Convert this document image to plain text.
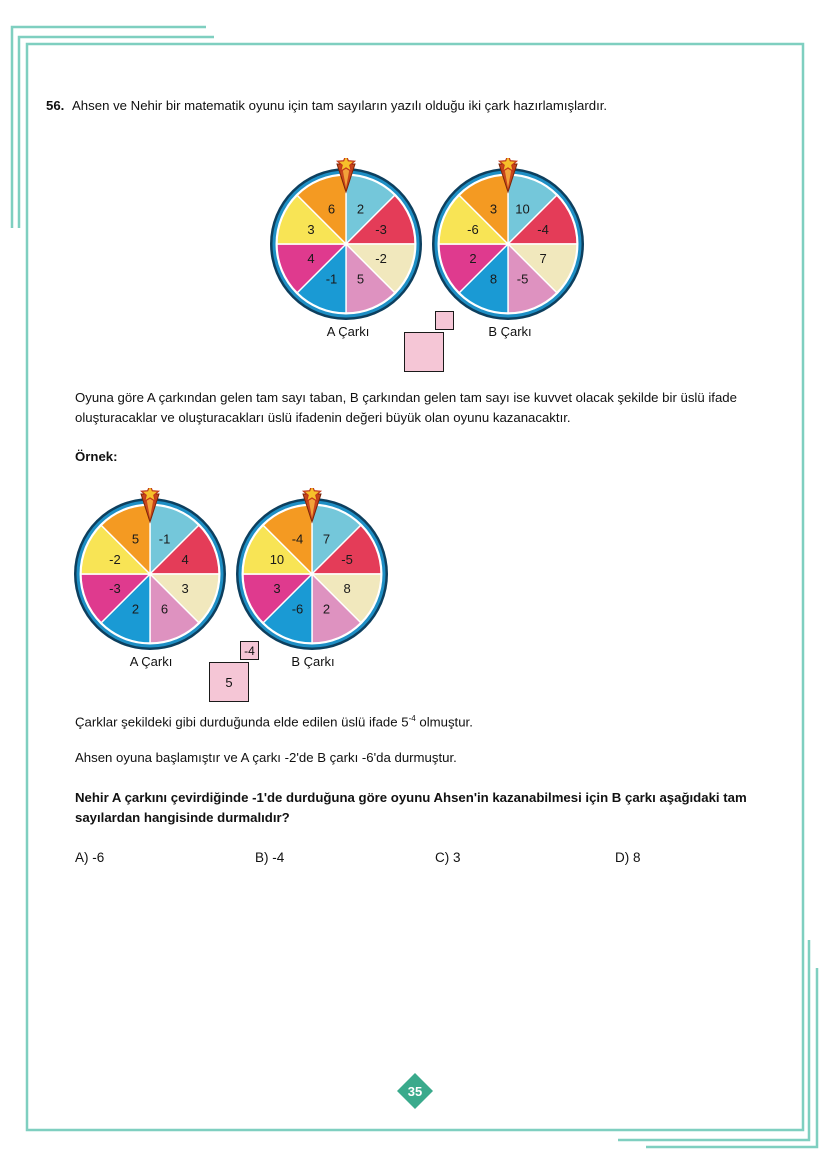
56. Ahsen ve Nehir bir matematik oyunu için tam sayıların yazılı olduğu iki çark hazırlamışlardır.
2
-3
-2
5
-1
4
3
6	10
-4
7
-5
8
2
-6
3
A Çarkı	B Çarkı
Oyuna göre A çarkından gelen tam sayı taban, B çarkından gelen tam sayı ise kuvvet olacak şekilde bir üslü ifade
oluşturacaklar ve oluşturacakları üslü ifadenin değeri büyük olan oyunu kazanacaktır.
Örnek:
-1
4
3
6
2
-3
-2
5	7
-5
8
2
-6
3
10
-4
A Çarkı	B Çarkı
-4
5
Çarklar şekildeki gibi durduğunda elde edilen üslü ifade $5^{-4}$ olmuştur.
Ahsen oyuna başlamıştır ve A çarkı -2'de B çarkı -6'da durmuştur.
Nehir A çarkını çevirdiğinde -1'de durduğuna göre oyunu Ahsen'in kazanabilmesi için B çarkı aşağıdaki tam
sayılardan hangisinde durmalıdır?
A) -6	B) -4	C) 3	D) 8
35
